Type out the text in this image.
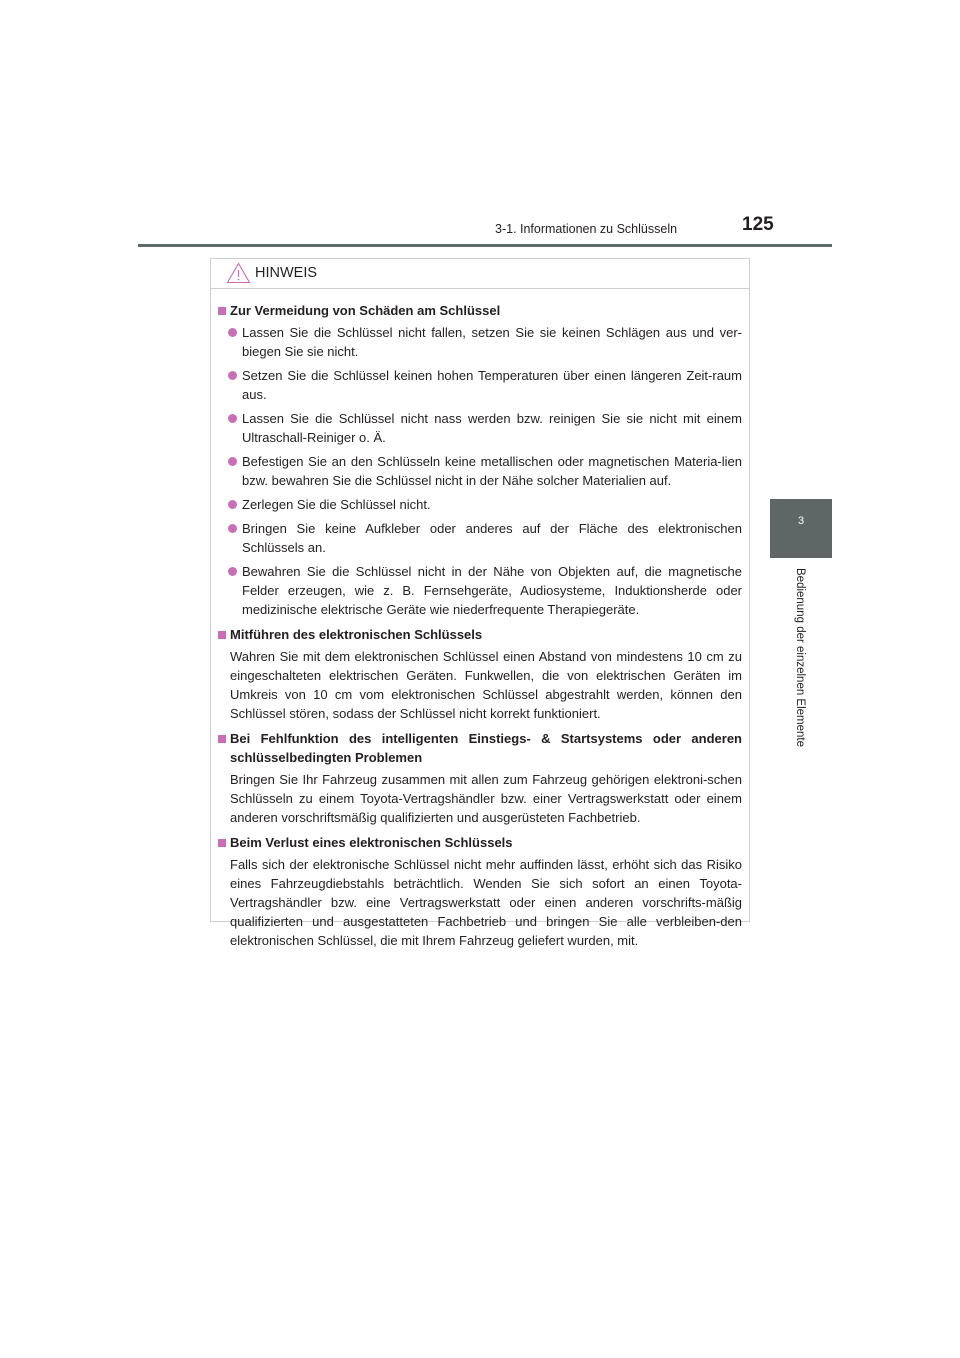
3-1. Informationen zu Schlüsseln	125
3
Bedienung der einzelnen Elemente
HINWEIS
Zur Vermeidung von Schäden am Schlüssel
Lassen Sie die Schlüssel nicht fallen, setzen Sie sie keinen Schlägen aus und ver-biegen Sie sie nicht.
Setzen Sie die Schlüssel keinen hohen Temperaturen über einen längeren Zeit-raum aus.
Lassen Sie die Schlüssel nicht nass werden bzw. reinigen Sie sie nicht mit einem Ultraschall-Reiniger o. Ä.
Befestigen Sie an den Schlüsseln keine metallischen oder magnetischen Materia-lien bzw. bewahren Sie die Schlüssel nicht in der Nähe solcher Materialien auf.
Zerlegen Sie die Schlüssel nicht.
Bringen Sie keine Aufkleber oder anderes auf der Fläche des elektronischen Schlüssels an.
Bewahren Sie die Schlüssel nicht in der Nähe von Objekten auf, die magnetische Felder erzeugen, wie z. B. Fernsehgeräte, Audiosysteme, Induktionsherde oder medizinische elektrische Geräte wie niederfrequente Therapiegeräte.
Mitführen des elektronischen Schlüssels
Wahren Sie mit dem elektronischen Schlüssel einen Abstand von mindestens 10 cm zu eingeschalteten elektrischen Geräten. Funkwellen, die von elektrischen Geräten im Umkreis von 10 cm vom elektronischen Schlüssel abgestrahlt werden, können den Schlüssel stören, sodass der Schlüssel nicht korrekt funktioniert.
Bei Fehlfunktion des intelligenten Einstiegs- & Startsystems oder anderen schlüsselbedingten Problemen
Bringen Sie Ihr Fahrzeug zusammen mit allen zum Fahrzeug gehörigen elektroni-schen Schlüsseln zu einem Toyota-Vertragshändler bzw. einer Vertragswerkstatt oder einem anderen vorschriftsmäßig qualifizierten und ausgerüsteten Fachbetrieb.
Beim Verlust eines elektronischen Schlüssels
Falls sich der elektronische Schlüssel nicht mehr auffinden lässt, erhöht sich das Risiko eines Fahrzeugdiebstahls beträchtlich. Wenden Sie sich sofort an einen Toyota-Vertragshändler bzw. eine Vertragswerkstatt oder einen anderen vorschrifts-mäßig qualifizierten und ausgestatteten Fachbetrieb und bringen Sie alle verbleiben-den elektronischen Schlüssel, die mit Ihrem Fahrzeug geliefert wurden, mit.
